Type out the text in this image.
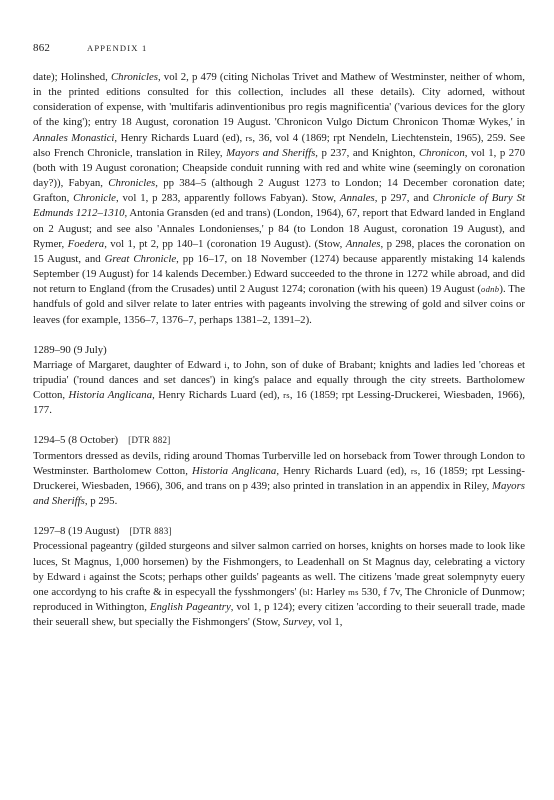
862	APPENDIX 1

date); Holinshed, Chronicles, vol 2, p 479 (citing Nicholas Trivet and Mathew of Westminster, neither of whom, in the printed editions consulted for this collection, includes all these details). City adorned, without consideration of expense, with 'multifaris adinventionibus pro regis magnificentia' ('various devices for the glory of the king'); entry 18 August, coronation 19 August. 'Chronicon Vulgo Dictum Chronicon Thomæ Wykes,' in Annales Monastici, Henry Richards Luard (ed), rs, 36, vol 4 (1869; rpt Nendeln, Liechtenstein, 1965), 259. See also French Chronicle, translation in Riley, Mayors and Sheriffs, p 237, and Knighton, Chronicon, vol 1, p 270 (both with 19 August coronation; Cheapside conduit running with red and white wine (seemingly on coronation day?)), Fabyan, Chronicles, pp 384–5 (although 2 August 1273 to London; 14 December coronation date; Grafton, Chronicle, vol 1, p 283, apparently follows Fabyan). Stow, Annales, p 297, and Chronicle of Bury St Edmunds 1212–1310, Antonia Gransden (ed and trans) (London, 1964), 67, report that Edward landed in England on 2 August; and see also 'Annales Londonienses,' p 84 (to London 18 August, coronation 19 August), and Rymer, Foedera, vol 1, pt 2, pp 140–1 (coronation 19 August). (Stow, Annales, p 298, places the coronation on 15 August, and Great Chronicle, pp 16–17, on 18 November (1274) because apparently mistaking 14 kalends September (19 August) for 14 kalends December.) Edward succeeded to the throne in 1272 while abroad, and did not return to England (from the Crusades) until 2 August 1274; coronation (with his queen) 19 August (odnb). The handfuls of gold and silver relate to later entries with pageants involving the strewing of gold and silver coins or leaves (for example, 1356–7, 1376–7, perhaps 1381–2, 1391–2).

1289–90 (9 July)

Marriage of Margaret, daughter of Edward i, to John, son of duke of Brabant; knights and ladies led 'choreas et tripudia' ('round dances and set dances') in king's palace and equally through the city streets. Bartholomew Cotton, Historia Anglicana, Henry Richards Luard (ed), rs, 16 (1859; rpt Lessing-Druckerei, Wiesbaden, 1966), 177.

1294–5 (8 October) [DTR 882]

Tormentors dressed as devils, riding around Thomas Turberville led on horseback from Tower through London to Westminster. Bartholomew Cotton, Historia Anglicana, Henry Richards Luard (ed), rs, 16 (1859; rpt Lessing-Druckerei, Wiesbaden, 1966), 306, and trans on p 439; also printed in translation in an appendix in Riley, Mayors and Sheriffs, p 295.

1297–8 (19 August) [DTR 883]

Processional pageantry (gilded sturgeons and silver salmon carried on horses, knights on horses made to look like luces, St Magnus, 1,000 horsemen) by the Fishmongers, to Leadenhall on St Magnus day, celebrating a victory by Edward i against the Scots; perhaps other guilds' pageants as well. The citizens 'made great solempnyty euery one accordyng to his crafte & in especyall the fysshmongers' (bl: Harley ms 530, f 7v, The Chronicle of Dunmow; reproduced in Withington, English Pageantry, vol 1, p 124); every citizen 'according to their seuerall trade, made their seuerall shew, but specially the Fishmongers' (Stow, Survey, vol 1,
